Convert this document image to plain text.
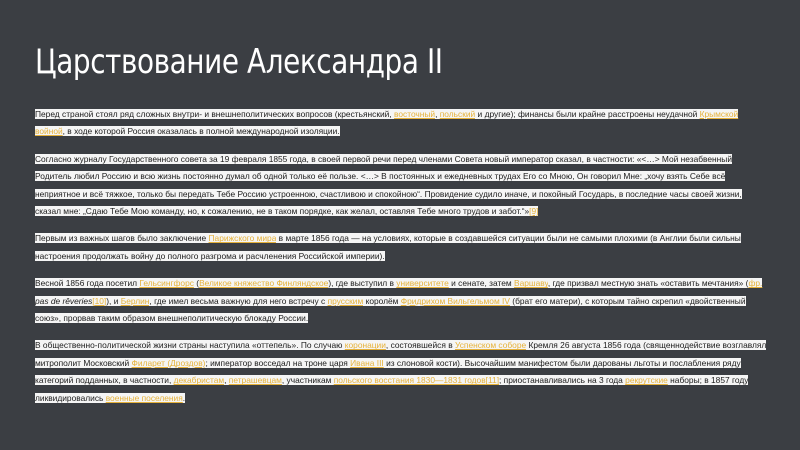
Царствование Александра II

Перед страной стоял ряд сложных внутри- и внешнеполитических вопросов (крестьянский, восточный, польский и другие); финансы были крайне расстроены неудачной Крымской войной, в ходе которой Россия оказалась в полной международной изоляции.

Согласно журналу Государственного совета за 19 февраля 1855 года, в своей первой речи перед членами Совета новый император сказал, в частности: «<…> Мой незабвенный Родитель любил Россию и всю жизнь постоянно думал об одной только её пользе. <…> В постоянных и ежедневных трудах Его со Мною, Он говорил Мне: „хочу взять Себе всё неприятное и всё тяжкое, только бы передать Тебе Россию устроенною, счастливою и спокойною“. Провидение судило иначе, и покойный Государь, в последние часы своей жизни, сказал мне: „Сдаю Тебе Мою команду, но, к сожалению, не в таком порядке, как желал, оставляя Тебе много трудов и забот.“»[9]

Первым из важных шагов было заключение Парижского мира в марте 1856 года — на условиях, которые в создавшейся ситуации были не самыми плохими (в Англии были сильны настроения продолжать войну до полного разгрома и расчленения Российской империи).

Весной 1856 года посетил Гельсингфорс (Великое княжество Финляндское), где выступил в университете и сенате, затем Варшаву, где призвал местную знать «оставить мечтания» (фр. pas de rêveries[10]), и Берлин, где имел весьма важную для него встречу с прусским королём Фридрихом Вильгельмом IV (брат его матери), с которым тайно скрепил «двойственный союз», прорвав таким образом внешнеполитическую блокаду России.

В общественно-политической жизни страны наступила «оттепель». По случаю коронации, состоявшейся в Успенском соборе Кремля 26 августа 1856 года (священнодействие возглавлял митрополит Московский Филарет (Дроздов); император восседал на троне царя Ивана III из слоновой кости). Высочайшим манифестом были дарованы льготы и послабления ряду категорий подданных, в частности, декабристам, петрашевцам, участникам польского восстания 1830—1831 годов[11]; приостанавливались на 3 года рекрутские наборы; в 1857 году ликвидировались военные поселения.
